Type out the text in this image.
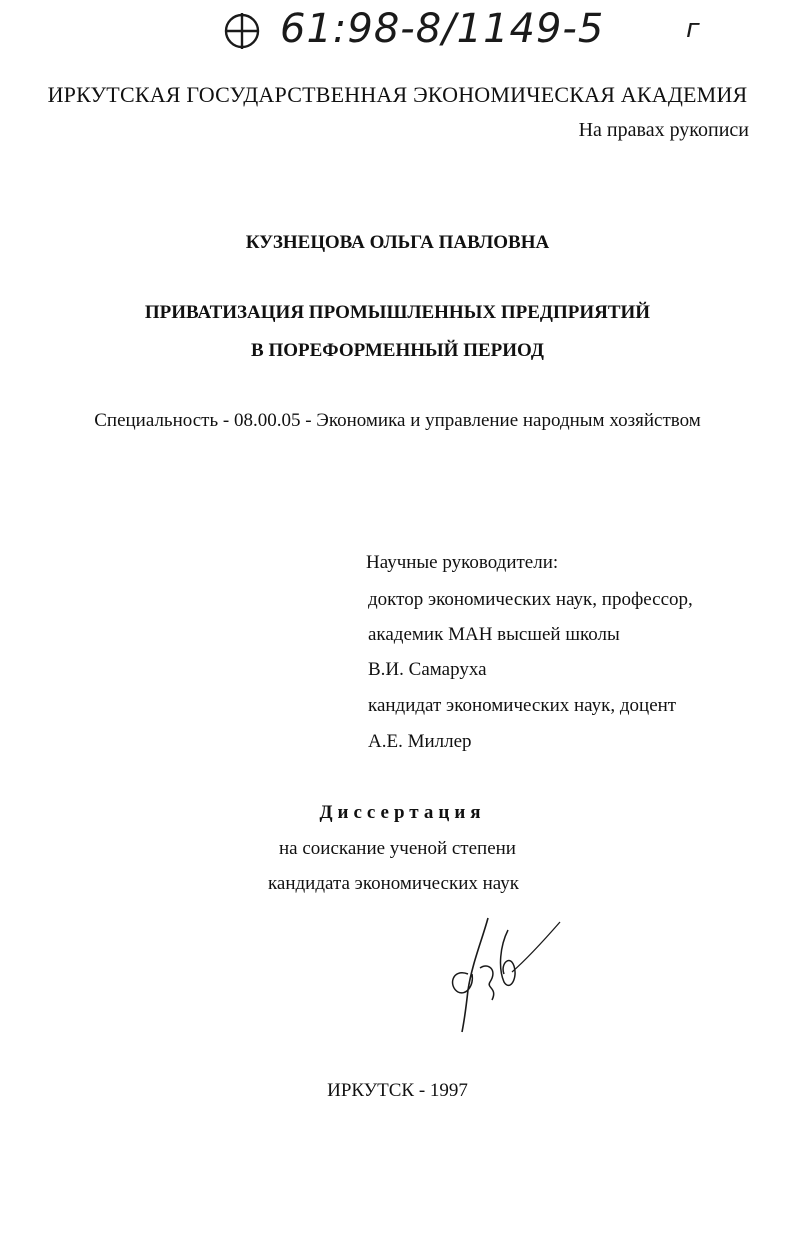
61:98-8/1149-5	г
ИРКУТСКАЯ ГОСУДАРСТВЕННАЯ ЭКОНОМИЧЕСКАЯ АКАДЕМИЯ
На правах рукописи
КУЗНЕЦОВА ОЛЬГА ПАВЛОВНА
ПРИВАТИЗАЦИЯ ПРОМЫШЛЕННЫХ ПРЕДПРИЯТИЙ
В ПОРЕФОРМЕННЫЙ ПЕРИОД
Специальность - 08.00.05 - Экономика и управление народным хозяйством
Научные руководители:
доктор экономических наук, профессор,
академик МАН высшей школы
В.И. Самаруха
кандидат экономических наук, доцент
А.Е. Миллер
Диссертация
на соискание ученой степени
кандидата экономических наук
ИРКУТСК - 1997
